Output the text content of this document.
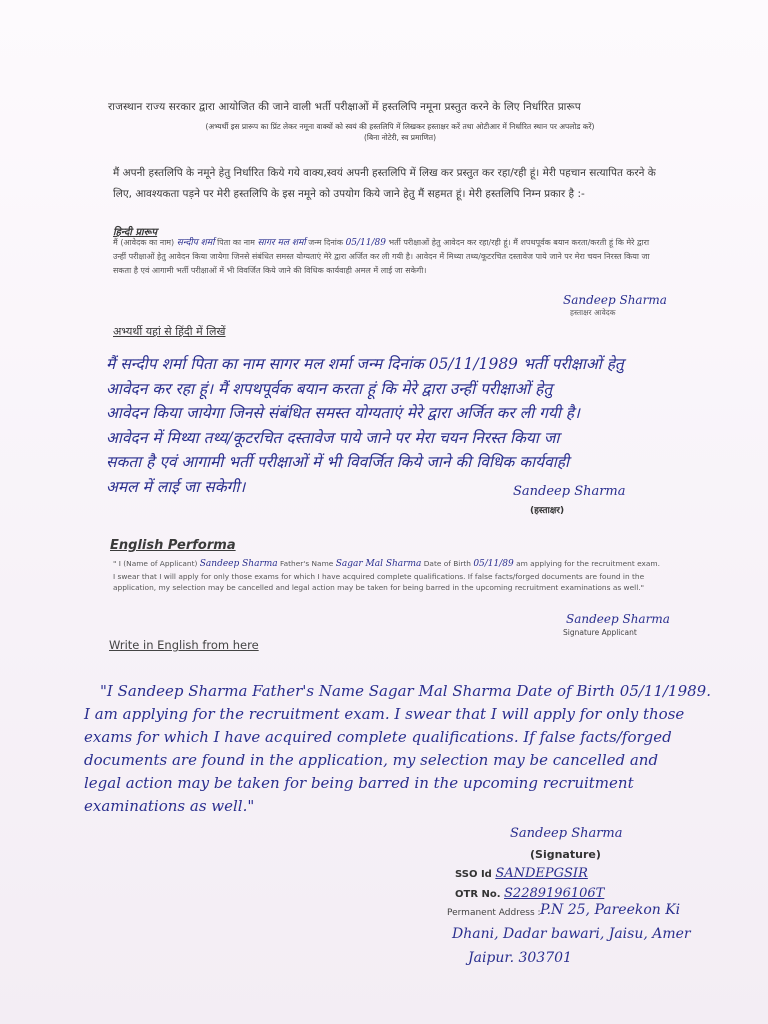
राजस्थान राज्य सरकार द्वारा आयोजित की जाने वाली भर्ती परीक्षाओं में हस्तलिपि नमूना प्रस्तुत करने के लिए निर्धारित प्रारूप
(अभ्यर्थी इस प्रारूप का प्रिंट लेकर नमूना वाक्यों को स्वयं की हस्तलिपि में लिखकर हस्ताक्षर करें तथा ओटीआर में निर्धारित स्थान पर अपलोड करें)
(बिना नोटेरी, स्व प्रमाणित)
मैं अपनी हस्तलिपि के नमूने हेतु निर्धारित किये गये वाक्य,स्वयं अपनी हस्तलिपि में लिख कर प्रस्तुत कर रहा/रही हूं। मेरी पहचान सत्यापित करने के लिए, आवश्यकता पड़ने पर मेरी हस्तलिपि के इस नमूने को उपयोग किये जाने हेतु मैं सहमत हूं। मेरी हस्तलिपि निम्न प्रकार है :-
हिन्दी प्रारूप
मैं (आवेदक का नाम) सन्दीप शर्मा पिता का नाम सागर मल शर्मा जन्म दिनांक 05/11/89 भर्ती परीक्षाओं हेतु आवेदन कर रहा/रही हूं। मैं शपथपूर्वक बयान करता/करती हूं कि मेरे द्वारा उन्हीं परीक्षाओं हेतु आवेदन किया जायेगा जिनसे संबंधित समस्त योग्यताएं मेरे द्वारा अर्जित कर ली गयी है। आवेदन में मिथ्या तथ्य/कूटरचित दस्तावेज पाये जाने पर मेरा चयन निरस्त किया जा सकता है एवं आगामी भर्ती परीक्षाओं में भी विवर्जित किये जाने की विधिक कार्यवाही अमल में लाई जा सकेगी।
Sandeep Sharma
हस्ताक्षर आवेदक
अभ्यर्थी यहां से हिंदी में लिखें
मैं सन्दीप शर्मा पिता का नाम सागर मल शर्मा जन्म दिनांक 05/11/1989 भर्ती परीक्षाओं हेतु
आवेदन कर रहा हूं। मैं शपथपूर्वक बयान करता हूं कि मेरे द्वारा उन्हीं परीक्षाओं हेतु
आवेदन किया जायेगा जिनसे संबंधित समस्त योग्यताएं मेरे द्वारा अर्जित कर ली गयी है।
आवेदन में मिथ्या तथ्य/कूटरचित दस्तावेज पाये जाने पर मेरा चयन निरस्त किया जा
सकता है एवं आगामी भर्ती परीक्षाओं में भी विवर्जित किये जाने की विधिक कार्यवाही
अमल में लाई जा सकेगी।	Sandeep Sharma
(हस्ताक्षर)
English Performa
" I (Name of Applicant) Sandeep Sharma Father's Name Sagar Mal Sharma Date of Birth 05/11/89 am applying for the recruitment exam. I swear that I will apply for only those exams for which I have acquired complete qualifications. If false facts/forged documents are found in the application, my selection may be cancelled and legal action may be taken for being barred in the upcoming recruitment examinations as well."
Sandeep Sharma
Signature Applicant
Write in English from here
"I Sandeep Sharma Father's Name Sagar Mal Sharma Date of Birth 05/11/1989.
I am applying for the recruitment exam. I swear that I will apply for only those
exams for which I have acquired complete qualifications. If false facts/forged
documents are found in the application, my selection may be cancelled and
legal action may be taken for being barred in the upcoming recruitment
examinations as well."
Sandeep Sharma
(Signature)
SSO Id SANDEPGSIR
OTR No. S2289196106T
Permanent Address : P.N 25, Pareekon Ki
Dhani, Dadar bawari, Jaisu, Amer
Jaipur. 303701
